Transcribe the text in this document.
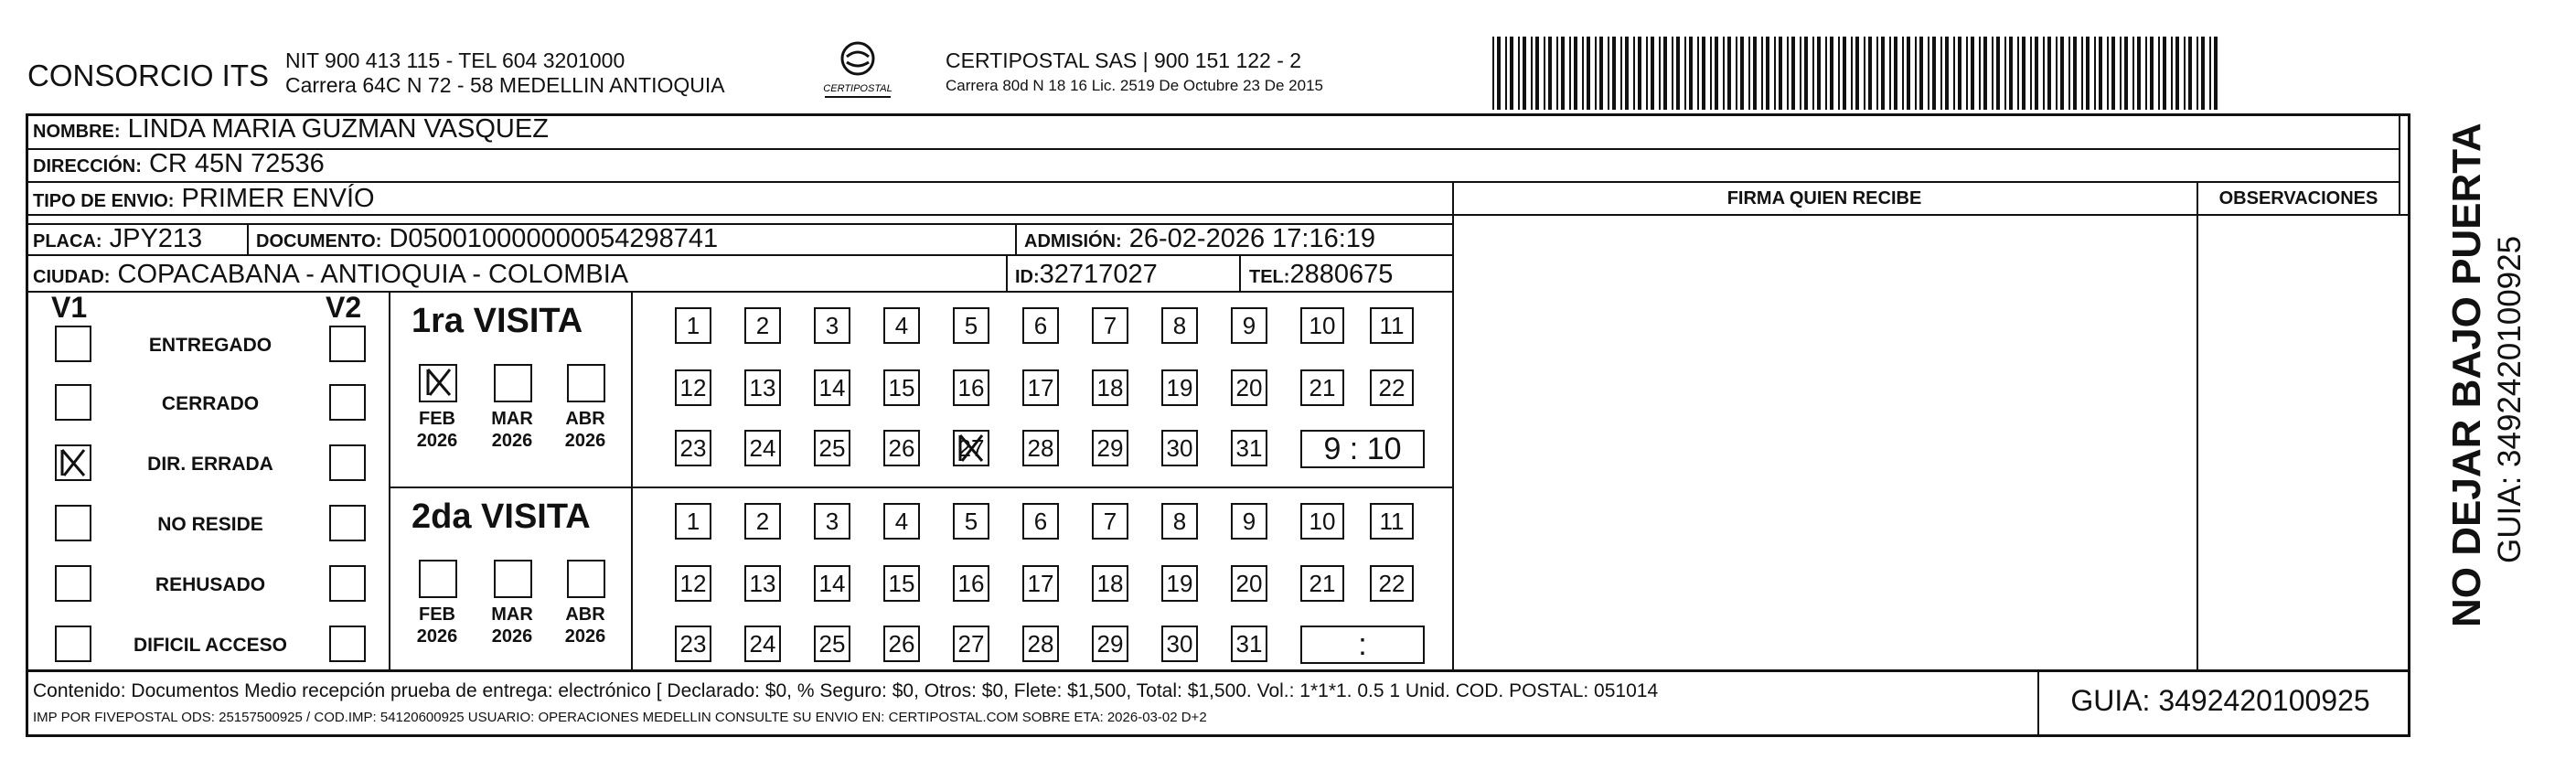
CONSORCIO ITS NIT 900 413 115 - TEL 604 3201000
Carrera 64C N 72 - 58 MEDELLIN ANTIOQUIA	CERTIPOSTAL
CERTIPOSTAL SAS | 900 151 122 - 2
Carrera 80d N 18 16 Lic. 2519 De Octubre 23 De 2015
NOMBRE: LINDA MARIA GUZMAN VASQUEZ
DIRECCIÓN: CR 45N 72536
TIPO DE ENVIO: PRIMER ENVÍO
PLACA: JPY213	DOCUMENTO: D050010000000054298741	ADMISIÓN: 26-02-2026 17:16:19
CIUDAD: COPACABANA - ANTIOQUIA - COLOMBIA	ID:32717027	TEL:2880675
FIRMA QUIEN RECIBE	OBSERVACIONES
V1	V2
ENTREGADO
CERRADO
DIR. ERRADA
NO RESIDE
REHUSADO
DIFICIL ACCESO
1ra VISITA
FEB
2026
MAR
2026
ABR
2026
1	2	3	4	5	6	7	8	9	10	11
12 13 14 15 16 17 18 19 20	21	22
23 24 25 26 27 28 29 30 31	9 : 10
2da VISITA
FEB
2026
MAR
2026
ABR
2026
1	2	3	4	5	6	7	8	9	10	11
12 13 14 15 16 17 18 19 20	21	22
23 24 25 26 27 28 29 30 31	:
Contenido: Documentos Medio recepción prueba de entrega: electrónico [ Declarado: $0, % Seguro: $0, Otros: $0, Flete: $1,500, Total: $1,500. Vol.: 1*1*1. 0.5 1 Unid. COD. POSTAL: 051014
IMP POR FIVEPOSTAL ODS: 25157500925 / COD.IMP: 54120600925 USUARIO: OPERACIONES MEDELLIN CONSULTE SU ENVIO EN: CERTIPOSTAL.COM SOBRE ETA: 2026-03-02 D+2
GUIA: 3492420100925
NO DEJAR BAJO PUERTA GUIA: 3492420100925
